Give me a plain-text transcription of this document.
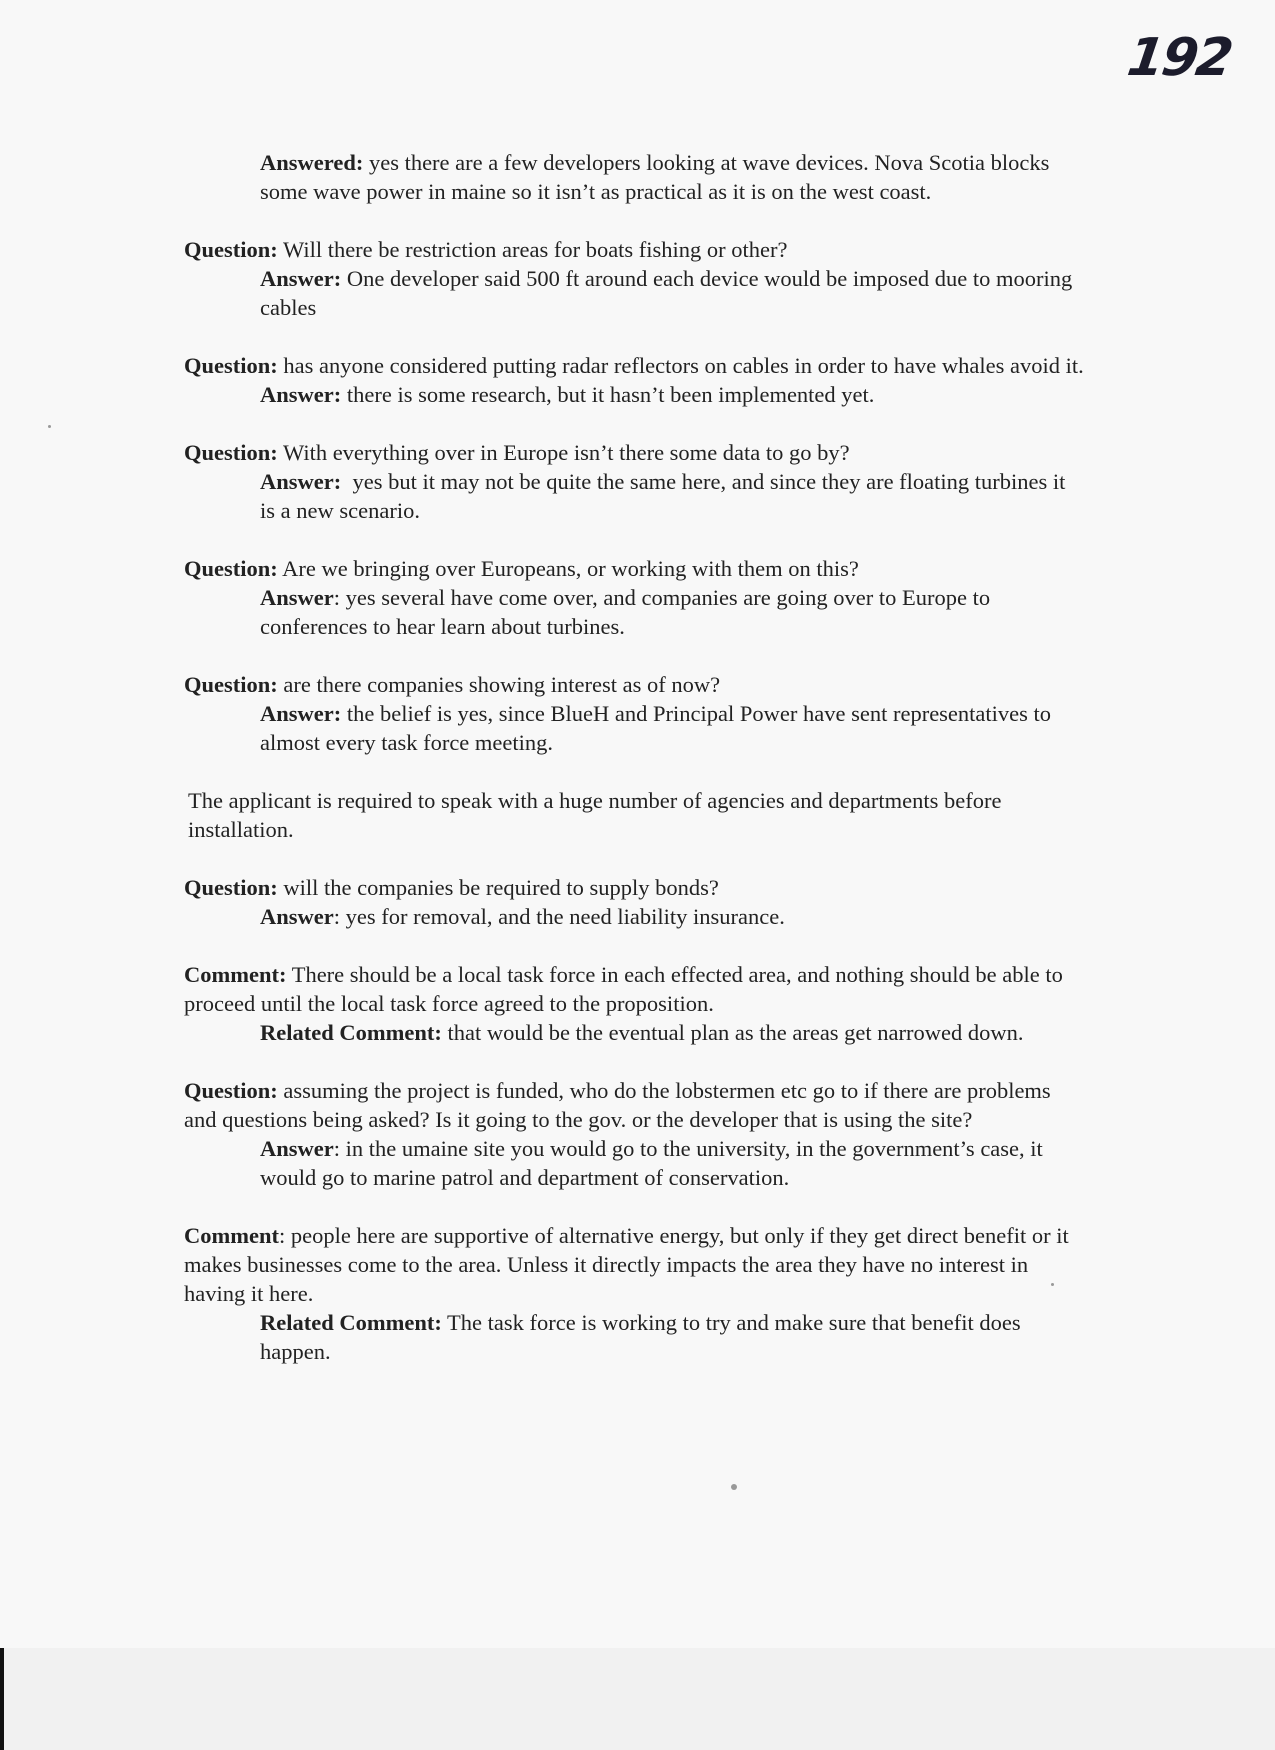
192

Answered: yes there are a few developers looking at wave devices. Nova Scotia blocks some wave power in maine so it isn’t as practical as it is on the west coast.

Question: Will there be restriction areas for boats fishing or other?

Answer: One developer said 500 ft around each device would be imposed due to mooring cables

Question: has anyone considered putting radar reflectors on cables in order to have whales avoid it.

Answer: there is some research, but it hasn’t been implemented yet.

Question: With everything over in Europe isn’t there some data to go by?

Answer:  yes but it may not be quite the same here, and since they are floating turbines it is a new scenario.

Question: Are we bringing over Europeans, or working with them on this?

Answer: yes several have come over, and companies are going over to Europe to conferences to hear learn about turbines.

Question: are there companies showing interest as of now?

Answer: the belief is yes, since BlueH and Principal Power have sent representatives to almost every task force meeting.

The applicant is required to speak with a huge number of agencies and departments before installation.

Question: will the companies be required to supply bonds?

Answer: yes for removal, and the need liability insurance.

Comment: There should be a local task force in each effected area, and nothing should be able to proceed until the local task force agreed to the proposition.

Related Comment: that would be the eventual plan as the areas get narrowed down.

Question: assuming the project is funded, who do the lobstermen etc go to if there are problems and questions being asked? Is it going to the gov. or the developer that is using the site?

Answer: in the umaine site you would go to the university, in the government’s case, it would go to marine patrol and department of conservation.

Comment: people here are supportive of alternative energy, but only if they get direct benefit or it makes businesses come to the area. Unless it directly impacts the area they have no interest in having it here.

Related Comment: The task force is working to try and make sure that benefit does happen.
